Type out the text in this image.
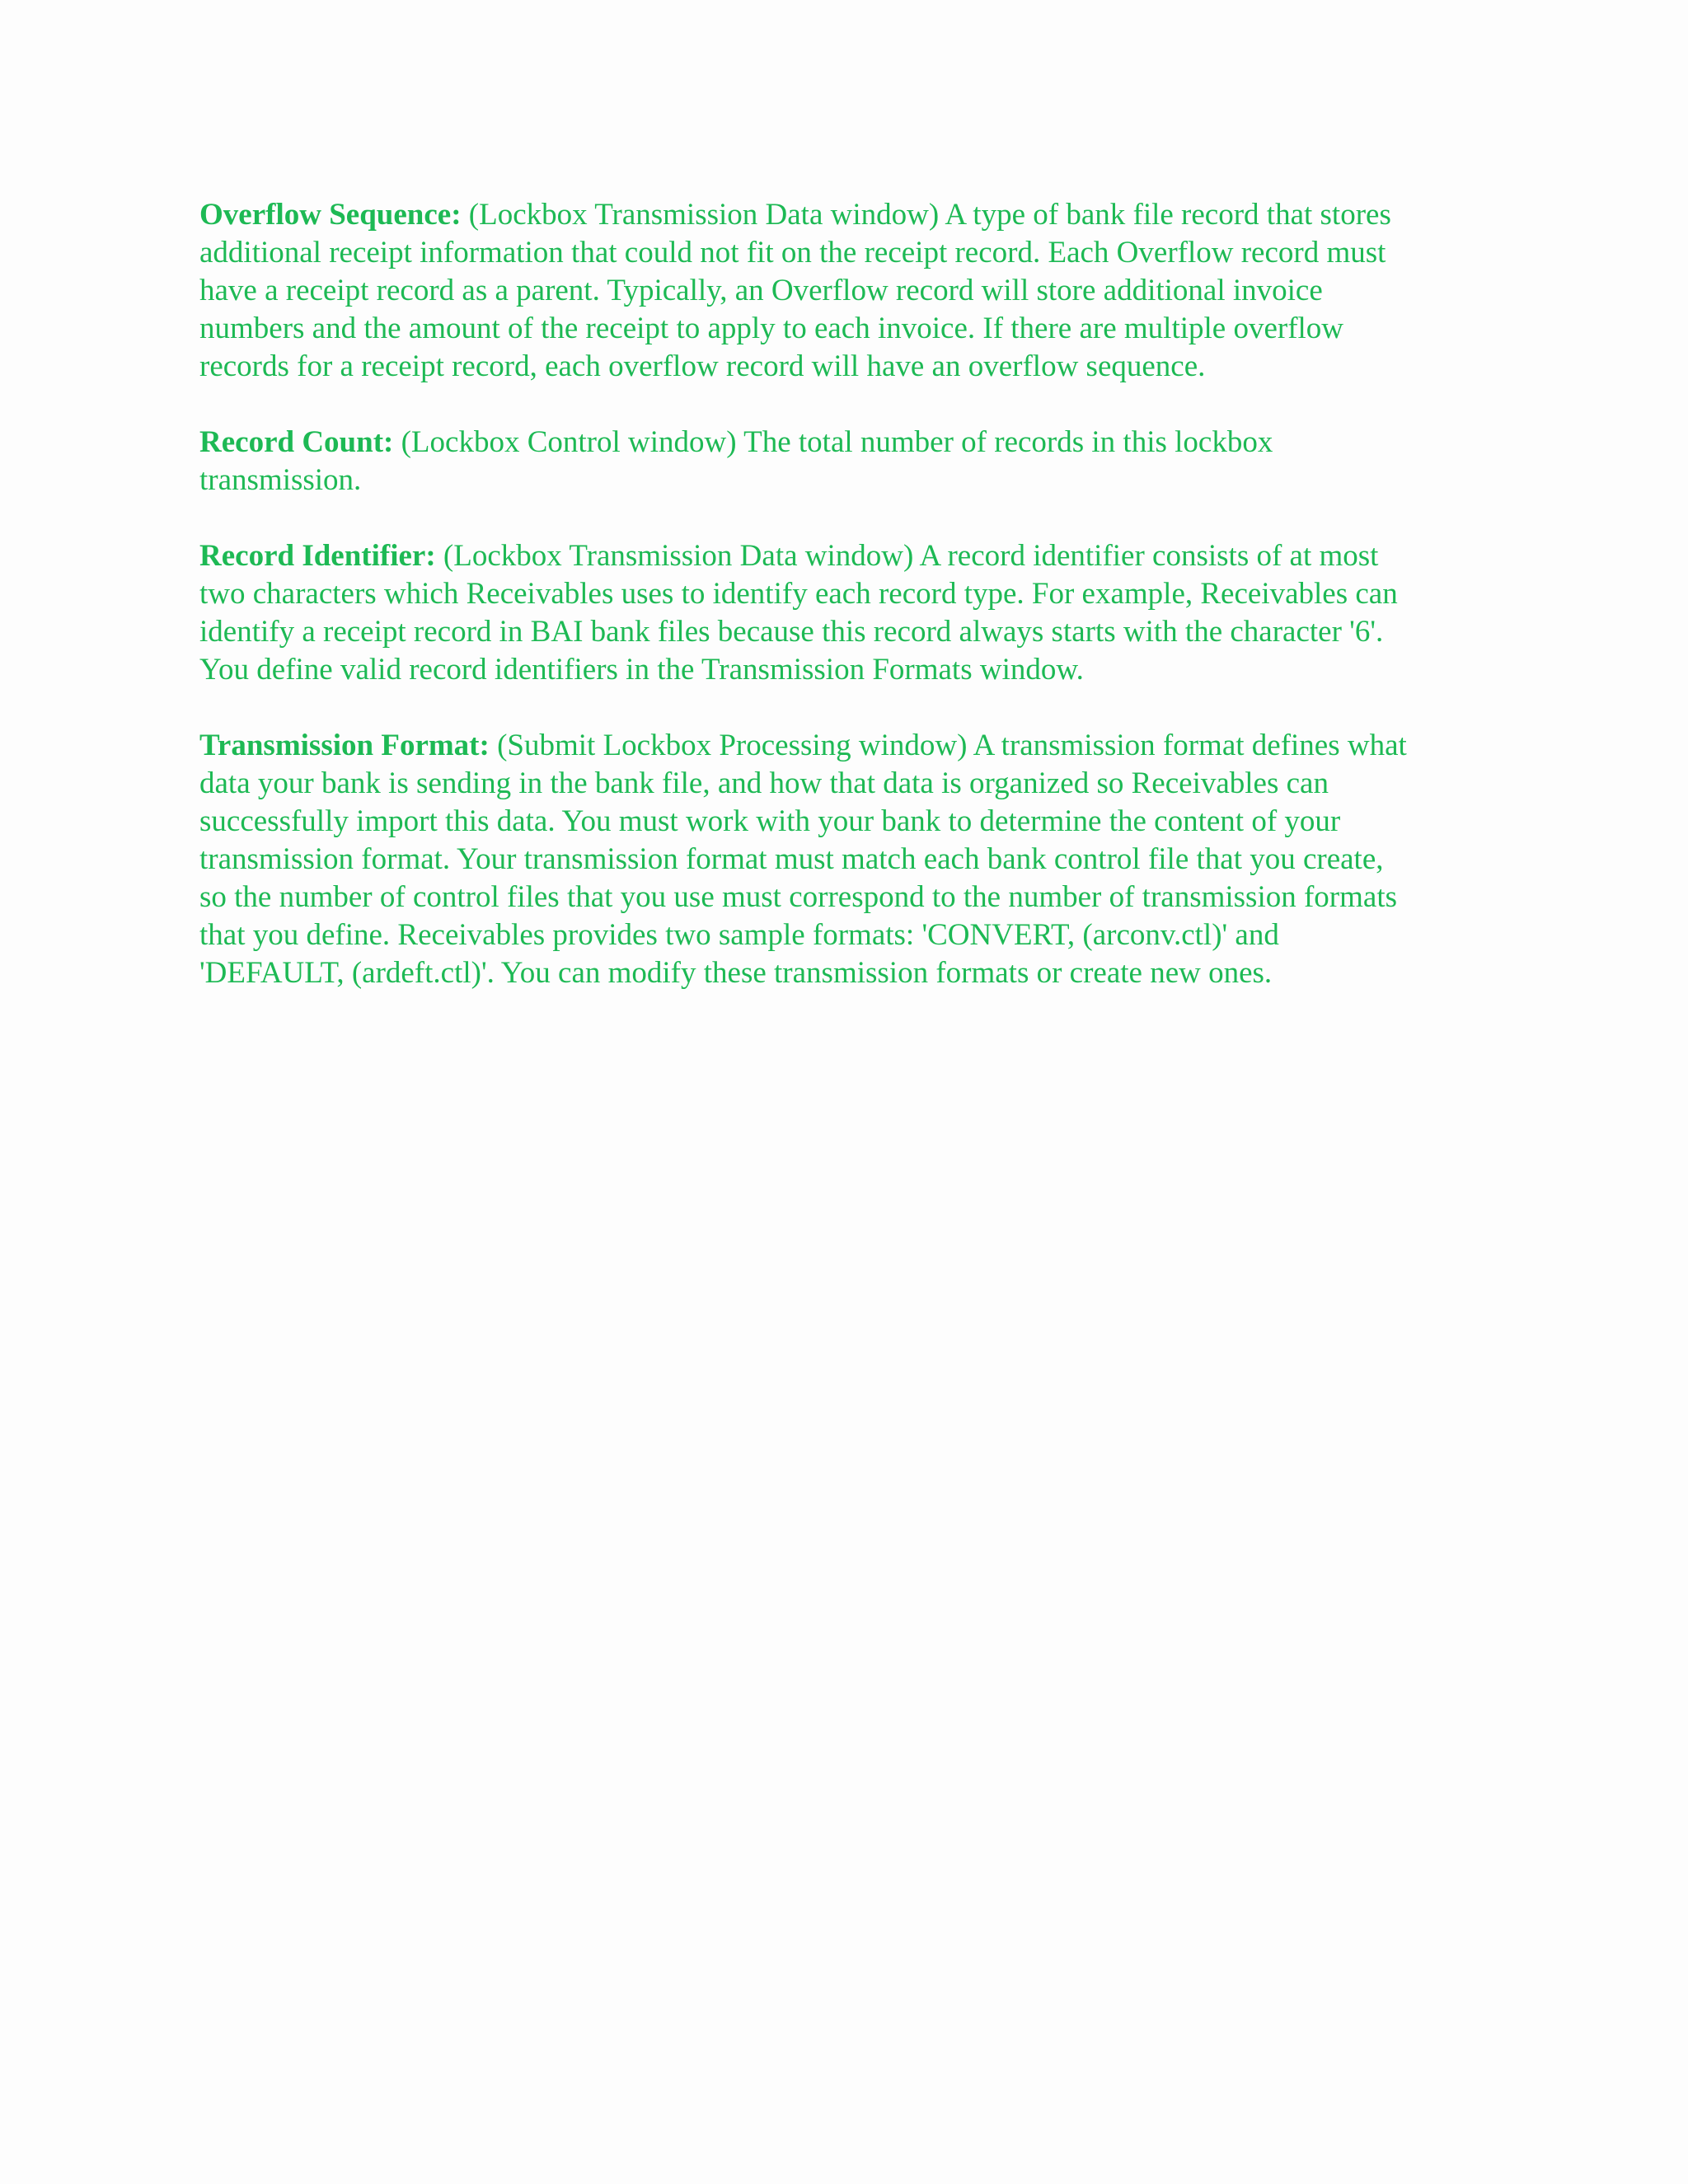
Overflow Sequence: (Lockbox Transmission Data window) A type of bank file record that stores
additional receipt information that could not fit on the receipt record. Each Overflow record must
have a receipt record as a parent. Typically, an Overflow record will store additional invoice
numbers and the amount of the receipt to apply to each invoice. If there are multiple overflow
records for a receipt record, each overflow record will have an overflow sequence.

Record Count: (Lockbox Control window) The total number of records in this lockbox
transmission.

Record Identifier: (Lockbox Transmission Data window) A record identifier consists of at most
two characters which Receivables uses to identify each record type. For example, Receivables can
identify a receipt record in BAI bank files because this record always starts with the character '6'.
You define valid record identifiers in the Transmission Formats window.

Transmission Format: (Submit Lockbox Processing window) A transmission format defines what
data your bank is sending in the bank file, and how that data is organized so Receivables can
successfully import this data. You must work with your bank to determine the content of your
transmission format. Your transmission format must match each bank control file that you create,
so the number of control files that you use must correspond to the number of transmission formats
that you define. Receivables provides two sample formats: 'CONVERT, (arconv.ctl)' and
'DEFAULT, (ardeft.ctl)'. You can modify these transmission formats or create new ones.
